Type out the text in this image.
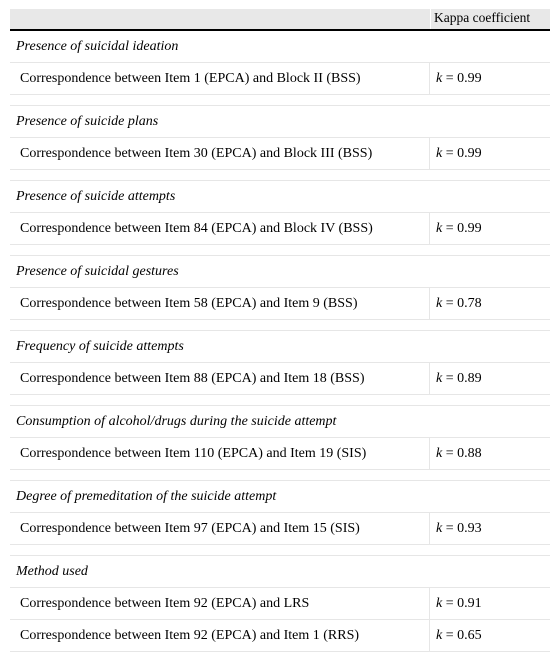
Kappa coefficient
Presence of suicidal ideation
Correspondence between Item 1 (EPCA) and Block II (BSS)	k = 0.99
Presence of suicide plans
Correspondence between Item 30 (EPCA) and Block III (BSS)	k = 0.99
Presence of suicide attempts
Correspondence between Item 84 (EPCA) and Block IV (BSS)	k = 0.99
Presence of suicidal gestures
Correspondence between Item 58 (EPCA) and Item 9 (BSS)	k = 0.78
Frequency of suicide attempts
Correspondence between Item 88 (EPCA) and Item 18 (BSS)	k = 0.89
Consumption of alcohol/drugs during the suicide attempt
Correspondence between Item 110 (EPCA) and Item 19 (SIS)	k = 0.88
Degree of premeditation of the suicide attempt
Correspondence between Item 97 (EPCA) and Item 15 (SIS)	k = 0.93
Method used
Correspondence between Item 92 (EPCA) and LRS	k = 0.91
Correspondence between Item 92 (EPCA) and Item 1 (RRS)	k = 0.65
